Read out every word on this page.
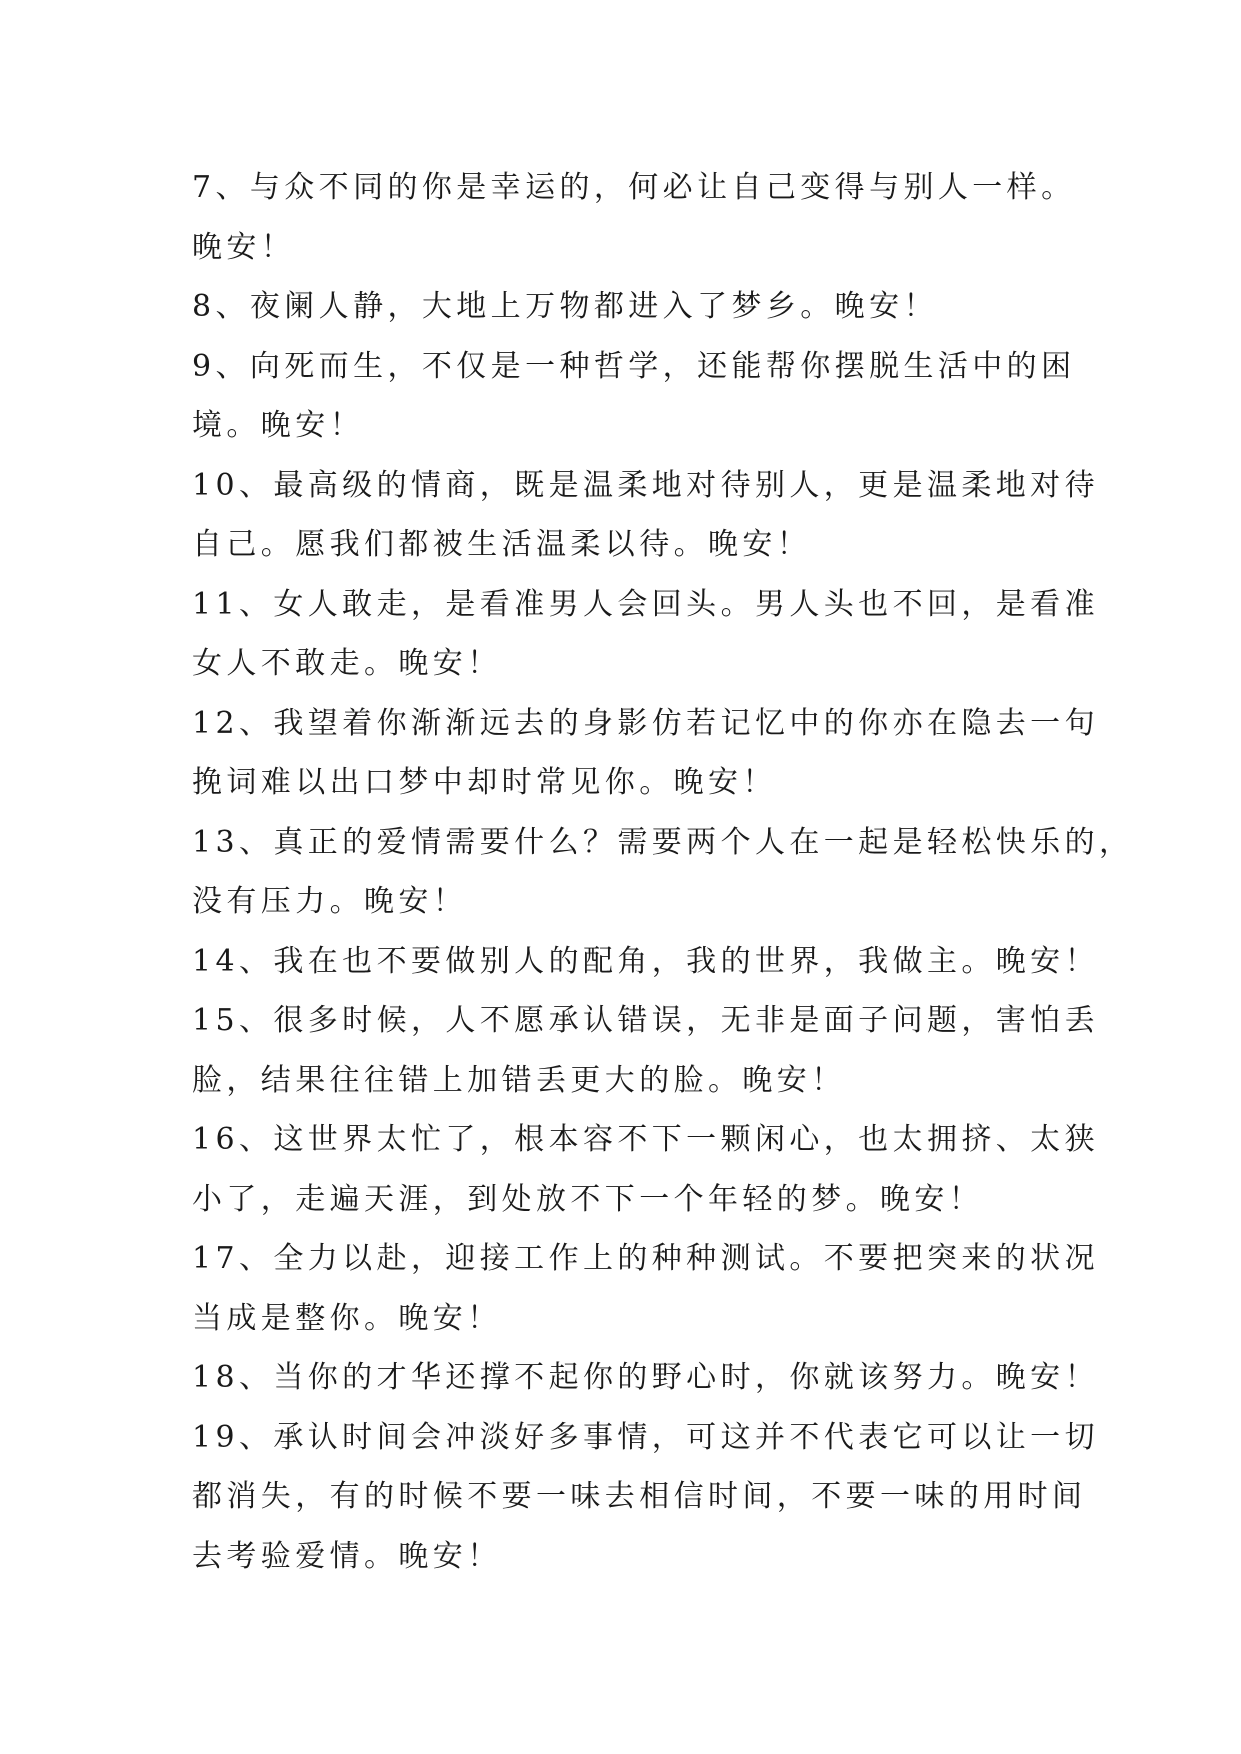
7、与众不同的你是幸运的，何必让自己变得与别人一样。
晚安！

8、夜阑人静，大地上万物都进入了梦乡。晚安！

9、向死而生，不仅是一种哲学，还能帮你摆脱生活中的困
境。晚安！

10、最高级的情商，既是温柔地对待别人，更是温柔地对待
自己。愿我们都被生活温柔以待。晚安！

11、女人敢走，是看准男人会回头。男人头也不回，是看准
女人不敢走。晚安！

12、我望着你渐渐远去的身影仿若记忆中的你亦在隐去一句
挽词难以出口梦中却时常见你。晚安！

13、真正的爱情需要什么？需要两个人在一起是轻松快乐的，
没有压力。晚安！

14、我在也不要做别人的配角，我的世界，我做主。晚安！

15、很多时候，人不愿承认错误，无非是面子问题，害怕丢
脸，结果往往错上加错丢更大的脸。晚安！

16、这世界太忙了，根本容不下一颗闲心，也太拥挤、太狭
小了，走遍天涯，到处放不下一个年轻的梦。晚安！

17、全力以赴，迎接工作上的种种测试。不要把突来的状况
当成是整你。晚安！

18、当你的才华还撑不起你的野心时，你就该努力。晚安！

19、承认时间会冲淡好多事情，可这并不代表它可以让一切
都消失，有的时候不要一味去相信时间，不要一味的用时间
去考验爱情。晚安！
